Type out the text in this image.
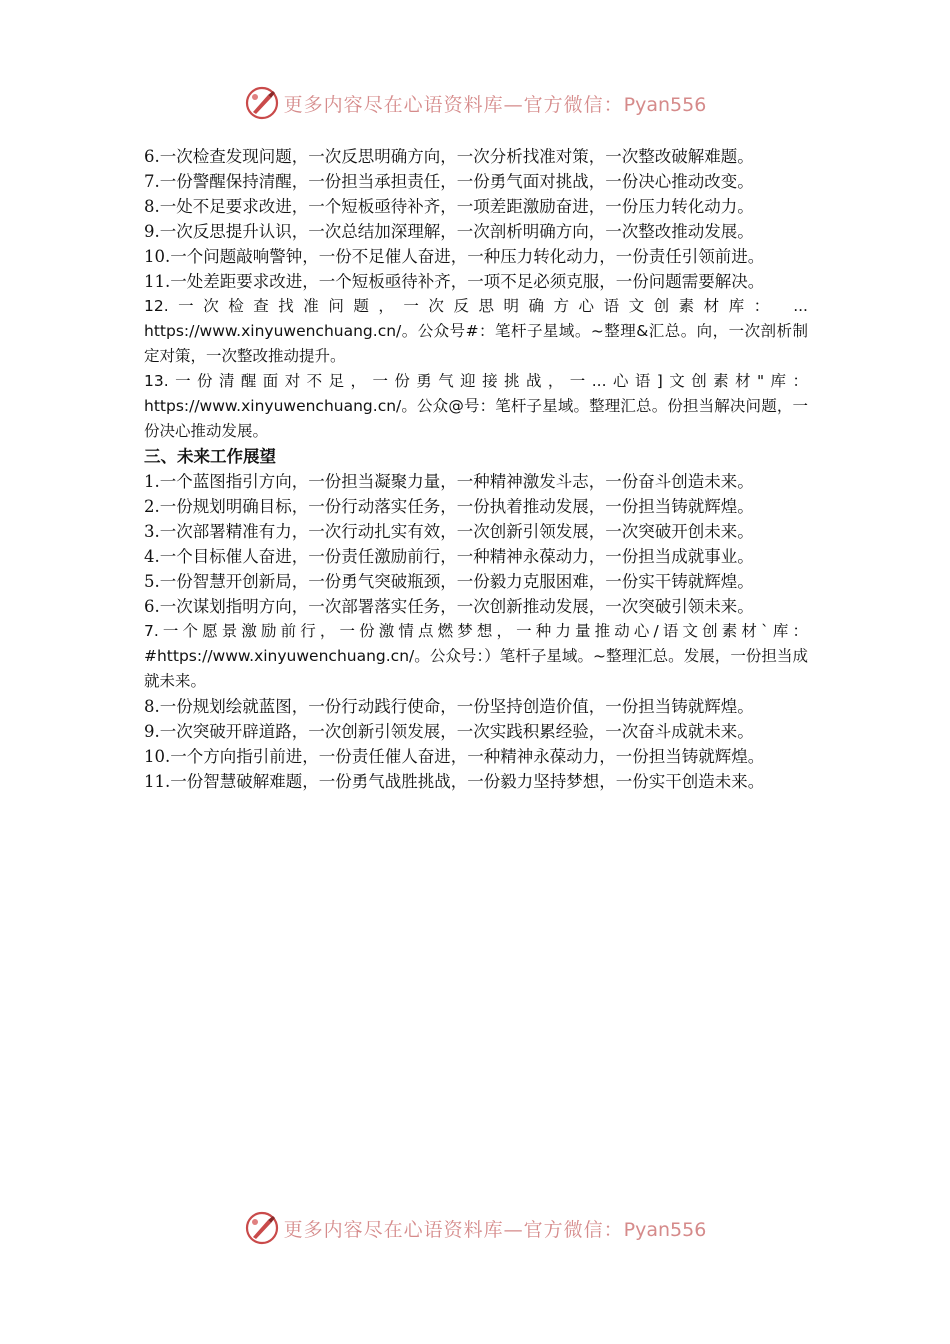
更多内容尽在心语资料库—官方微信：Pyan556

6.一次检查发现问题，一次反思明确方向，一次分析找准对策，一次整改破解难题。

7.一份警醒保持清醒，一份担当承担责任，一份勇气面对挑战，一份决心推动改变。

8.一处不足要求改进，一个短板亟待补齐，一项差距激励奋进，一份压力转化动力。

9.一次反思提升认识，一次总结加深理解，一次剖析明确方向，一次整改推动发展。

10.一个问题敲响警钟，一份不足催人奋进，一种压力转化动力，一份责任引领前进。

11.一处差距要求改进，一个短板亟待补齐，一项不足必须克服，一份问题需要解决。

12.一次检查找准问题，一次反思明确方心语文创素材库： ... https://www.xinyuwenchuang.cn/。公众号#：笔杆子星域。~整理&汇总。向，一次剖析制定对策，一次整改推动提升。

13.一份清醒面对不足，一份勇气迎接挑战，一...心语]文创素材"库： https://www.xinyuwenchuang.cn/。公众@号：笔杆子星域。整理汇总。份担当解决问题，一份决心推动发展。

三、未来工作展望

1.一个蓝图指引方向，一份担当凝聚力量，一种精神激发斗志，一份奋斗创造未来。

2.一份规划明确目标，一份行动落实任务，一份执着推动发展，一份担当铸就辉煌。

3.一次部署精准有力，一次行动扎实有效，一次创新引领发展，一次突破开创未来。

4.一个目标催人奋进，一份责任激励前行，一种精神永葆动力，一份担当成就事业。

5.一份智慧开创新局，一份勇气突破瓶颈，一份毅力克服困难，一份实干铸就辉煌。

6.一次谋划指明方向，一次部署落实任务，一次创新推动发展，一次突破引领未来。

7.一个愿景激励前行，一份激情点燃梦想，一种力量推动心/语文创素材`库：#https://www.xinyuwenchuang.cn/。公众号：）笔杆子星域。~整理汇总。发展，一份担当成就未来。

8.一份规划绘就蓝图，一份行动践行使命，一份坚持创造价值，一份担当铸就辉煌。

9.一次突破开辟道路，一次创新引领发展，一次实践积累经验，一次奋斗成就未来。

10.一个方向指引前进，一份责任催人奋进，一种精神永葆动力，一份担当铸就辉煌。

11.一份智慧破解难题，一份勇气战胜挑战，一份毅力坚持梦想，一份实干创造未来。

更多内容尽在心语资料库—官方微信：Pyan556
